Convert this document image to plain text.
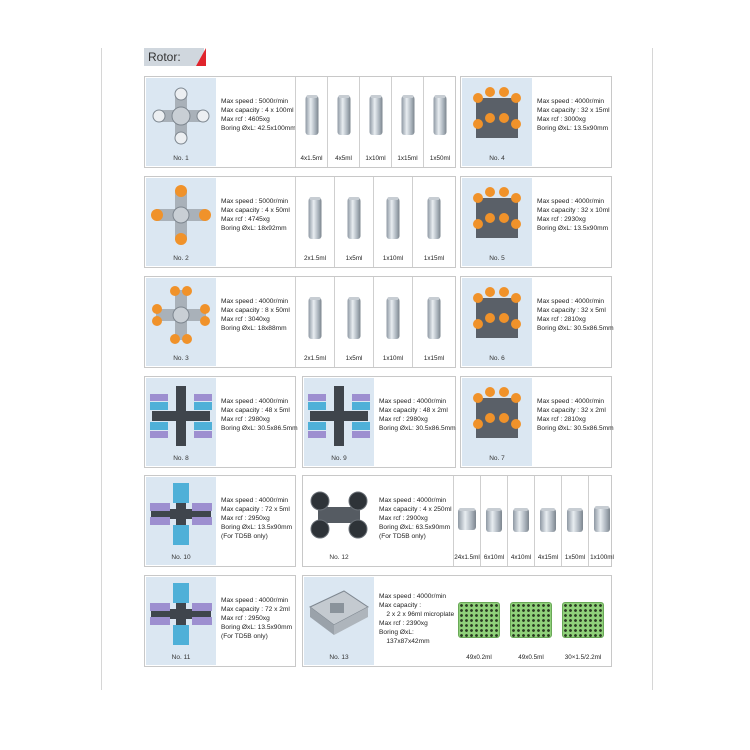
Rotor:
No. 1
Max speed : 5000r/min
Max capacity : 4 x 100ml
Max rcf : 4605xg
Boring ØxL: 42.5x100mm
4x1.5ml	4x5ml	1x10ml	1x15ml	1x50ml	No. 4
Max speed : 4000r/min
Max capacity : 32 x 15ml
Max rcf : 3000xg
Boring ØxL: 13.5x90mm
No. 2
Max speed : 5000r/min
Max capacity : 4 x 50ml
Max rcf : 4745xg
Boring ØxL: 18x92mm
2x1.5ml	1x5ml	1x10ml	1x15ml	No. 5
Max speed : 4000r/min
Max capacity : 32 x 10ml
Max rcf : 2930xg
Boring ØxL: 13.5x90mm
No. 3
Max speed : 4000r/min
Max capacity : 8 x 50ml
Max rcf : 3040xg
Boring ØxL: 18x88mm
2x1.5ml	1x5ml	1x10ml	1x15ml	No. 6
Max speed : 4000r/min
Max capacity : 32 x 5ml
Max rcf : 2810xg
Boring ØxL: 30.5x86.5mm
No. 8
Max speed : 4000r/min
Max capacity : 48 x 5ml
Max rcf : 2980xg
Boring ØxL: 30.5x86.5mm
No. 9
Max speed : 4000r/min
Max capacity : 48 x 2ml
Max rcf : 2980xg
Boring ØxL: 30.5x86.5mm
No. 7
Max speed : 4000r/min
Max capacity : 32 x 2ml
Max rcf : 2810xg
Boring ØxL: 30.5x86.5mm
No. 10
Max speed : 4000r/min
Max capacity : 72 x 5ml
Max rcf : 2950xg
Boring ØxL: 13.5x90mm
(For TD5B only)
No. 12
Max speed : 4000r/min
Max capacity : 4 x 250ml
Max rcf : 2900xg
Boring ØxL: 63.5x90mm
(For TD5B only)
24x1.5ml 6x10ml	4x10ml	4x15ml	1x50ml 1x100ml
No. 11
Max speed : 4000r/min
Max capacity : 72 x 2ml
Max rcf : 2950xg
Boring ØxL: 13.5x90mm
(For TD5B only)
No. 13
Max speed : 4000r/min
Max capacity :
2 x 2 x 96ml microplate
Max rcf : 2390xg
Boring ØxL:
137x87x42mm
49x0.2ml	49x0.5ml	30×1.5/2.2ml
